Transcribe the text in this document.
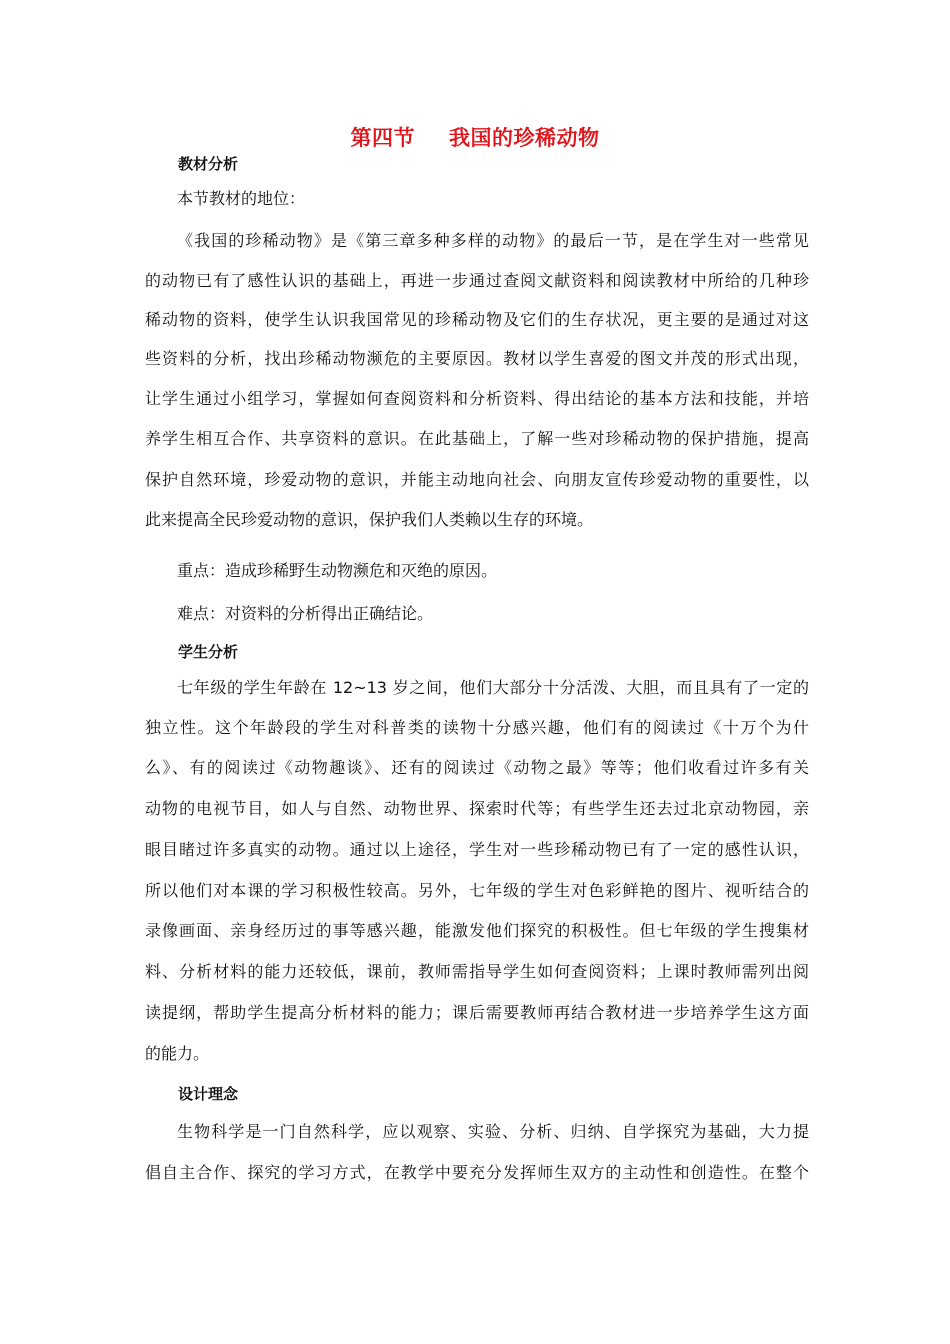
第四节 我国的珍稀动物
教材分析
本节教材的地位：
《我国的珍稀动物》是《第三章多种多样的动物》的最后一节，是在学生对一些常见
的动物已有了感性认识的基础上，再进一步通过查阅文献资料和阅读教材中所给的几种珍
稀动物的资料，使学生认识我国常见的珍稀动物及它们的生存状况，更主要的是通过对这
些资料的分析，找出珍稀动物濒危的主要原因。教材以学生喜爱的图文并茂的形式出现，
让学生通过小组学习，掌握如何查阅资料和分析资料、得出结论的基本方法和技能，并培
养学生相互合作、共享资料的意识。在此基础上，了解一些对珍稀动物的保护措施，提高
保护自然环境，珍爱动物的意识，并能主动地向社会、向朋友宣传珍爱动物的重要性，以
此来提高全民珍爱动物的意识，保护我们人类赖以生存的环境。
重点：造成珍稀野生动物濒危和灭绝的原因。
难点：对资料的分析得出正确结论。
学生分析
七年级的学生年龄在 12~13 岁之间，他们大部分十分活泼、大胆，而且具有了一定的
独立性。这个年龄段的学生对科普类的读物十分感兴趣，他们有的阅读过《十万个为什
么》、有的阅读过《动物趣谈》、还有的阅读过《动物之最》等等；他们收看过许多有关
动物的电视节目，如人与自然、动物世界、探索时代等；有些学生还去过北京动物园，亲
眼目睹过许多真实的动物。通过以上途径，学生对一些珍稀动物已有了一定的感性认识，
所以他们对本课的学习积极性较高。另外，七年级的学生对色彩鲜艳的图片、视听结合的
录像画面、亲身经历过的事等感兴趣，能激发他们探究的积极性。但七年级的学生搜集材
料、分析材料的能力还较低，课前，教师需指导学生如何查阅资料；上课时教师需列出阅
读提纲，帮助学生提高分析材料的能力；课后需要教师再结合教材进一步培养学生这方面
的能力。
设计理念
生物科学是一门自然科学，应以观察、实验、分析、归纳、自学探究为基础，大力提
倡自主合作、探究的学习方式，在教学中要充分发挥师生双方的主动性和创造性。在整个
